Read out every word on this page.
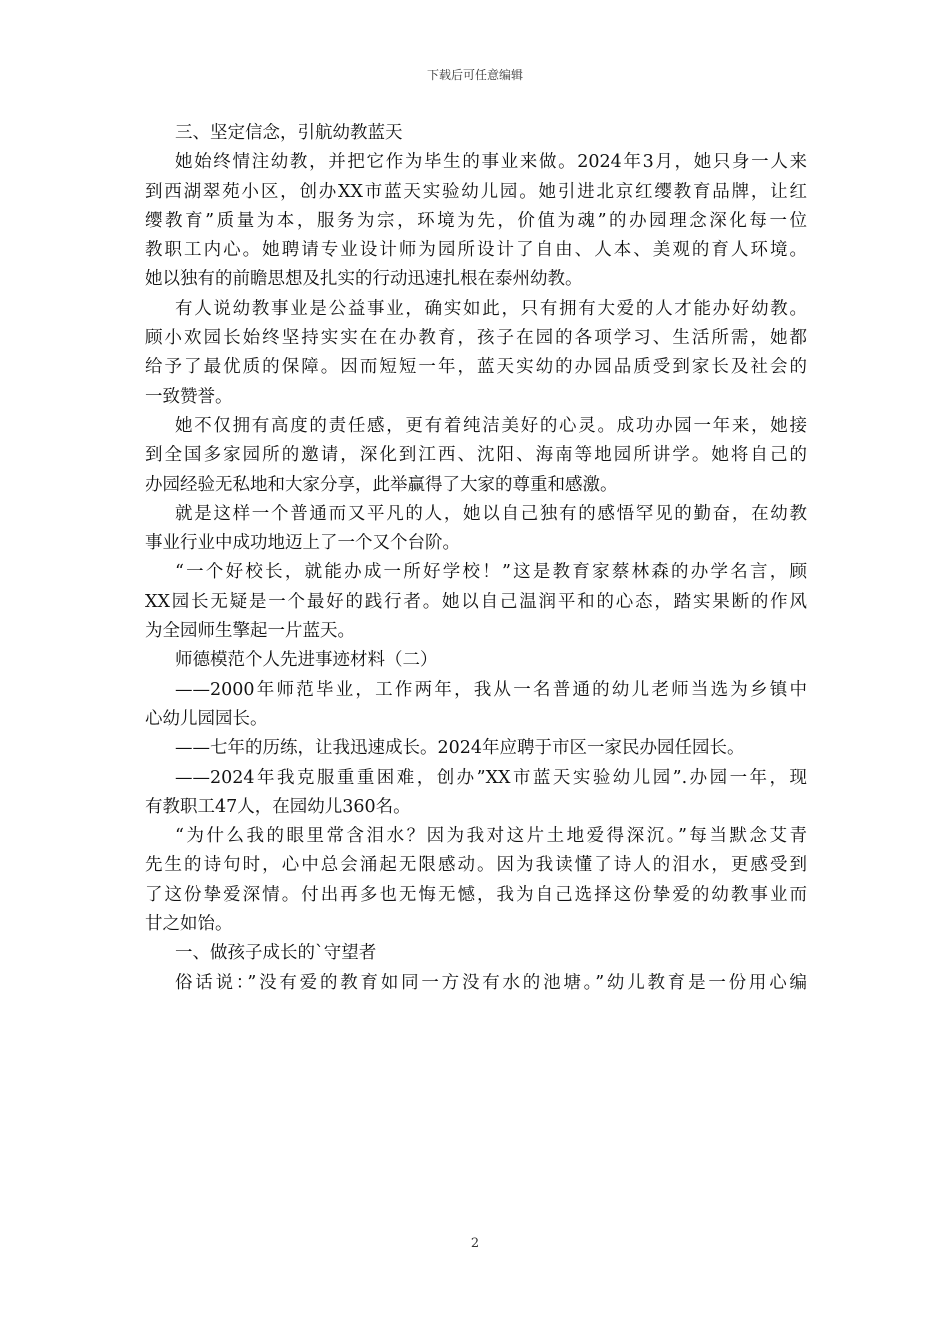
下载后可任意编辑
三、坚定信念，引航幼教蓝天
她始终情注幼教，并把它作为毕生的事业来做。2024年3月，她只身一人来
到西湖翠苑小区，创办XX市蓝天实验幼儿园。她引进北京红缨教育品牌，让红
缨教育”质量为本，服务为宗，环境为先，价值为魂”的办园理念深化每一位
教职工内心。她聘请专业设计师为园所设计了自由、人本、美观的育人环境。
她以独有的前瞻思想及扎实的行动迅速扎根在泰州幼教。
有人说幼教事业是公益事业，确实如此，只有拥有大爱的人才能办好幼教。
顾小欢园长始终坚持实实在在办教育，孩子在园的各项学习、生活所需，她都
给予了最优质的保障。因而短短一年，蓝天实幼的办园品质受到家长及社会的
一致赞誉。
她不仅拥有高度的责任感，更有着纯洁美好的心灵。成功办园一年来，她接
到全国多家园所的邀请，深化到江西、沈阳、海南等地园所讲学。她将自己的
办园经验无私地和大家分享，此举赢得了大家的尊重和感激。
就是这样一个普通而又平凡的人，她以自己独有的感悟罕见的勤奋，在幼教
事业行业中成功地迈上了一个又个台阶。
“一个好校长，就能办成一所好学校！”这是教育家蔡林森的办学名言，顾
XX园长无疑是一个最好的践行者。她以自己温润平和的心态，踏实果断的作风
为全园师生擎起一片蓝天。
师德模范个人先进事迹材料（二）
——2000年师范毕业，工作两年，我从一名普通的幼儿老师当选为乡镇中
心幼儿园园长。
——七年的历练，让我迅速成长。2024年应聘于市区一家民办园任园长。
——2024年我克服重重困难，创办”XX市蓝天实验幼儿园”.办园一年，现
有教职工47人，在园幼儿360名。
“为什么我的眼里常含泪水？因为我对这片土地爱得深沉。”每当默念艾青
先生的诗句时，心中总会涌起无限感动。因为我读懂了诗人的泪水，更感受到
了这份挚爱深情。付出再多也无悔无憾，我为自己选择这份挚爱的幼教事业而
甘之如饴。
一、做孩子成长的`守望者
俗话说：”没有爱的教育如同一方没有水的池塘。”幼儿教育是一份用心编
2
